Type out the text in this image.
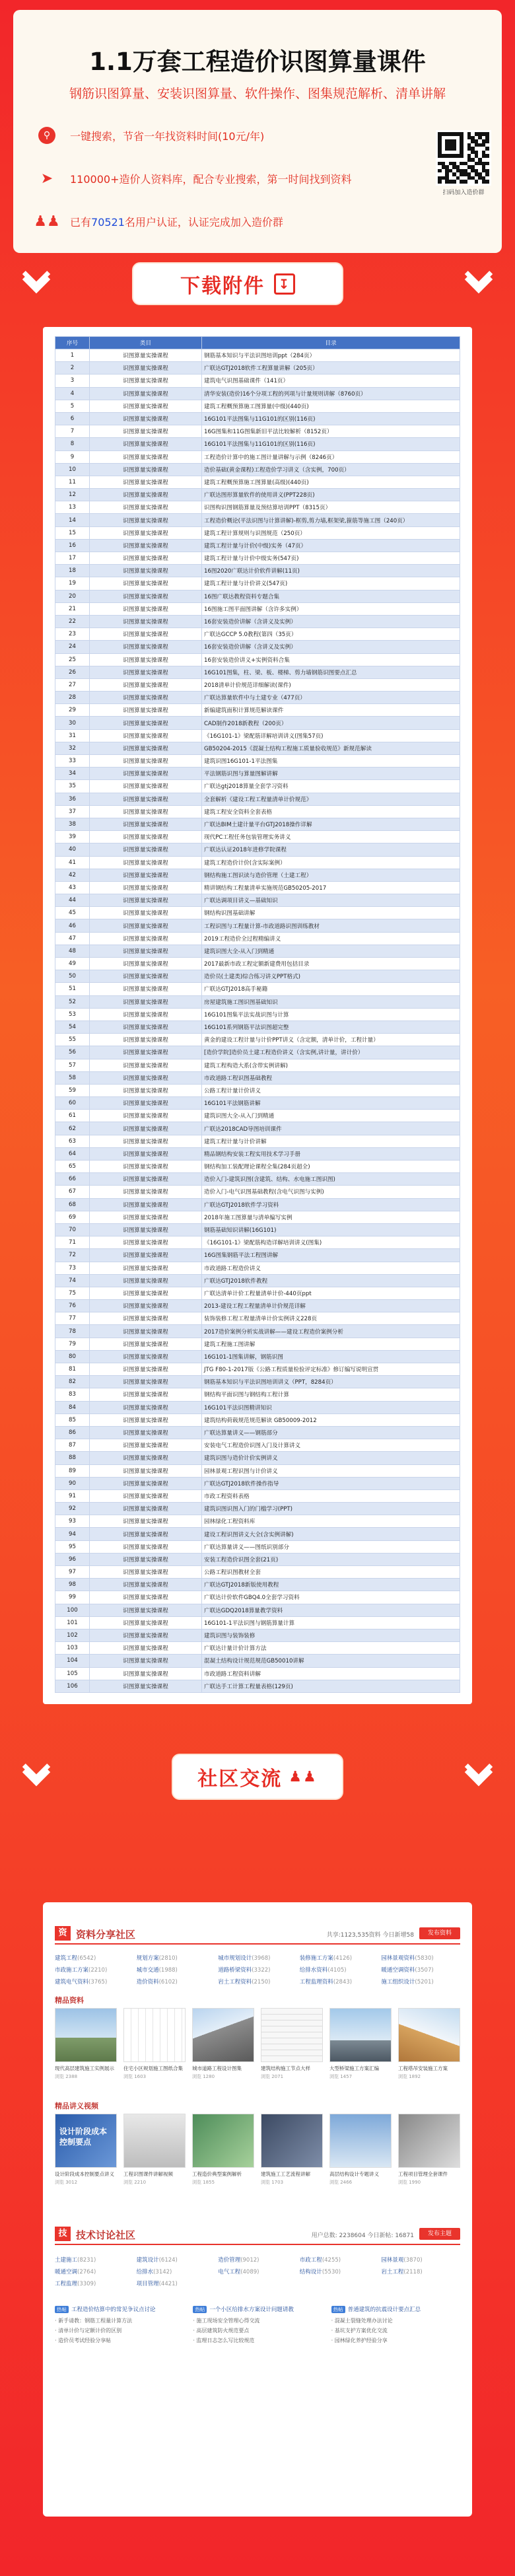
1.1万套工程造价识图算量课件
钢筋识图算量、安装识图算量、软件操作、图集规范解析、清单讲解
⚲	一键搜索，节省一年找资料时间(10元/年)
➤ 110000+造价人资料库，配合专业搜索，第一时间找到资料
♟♟ 已有70521名用户认证，认证完成加入造价群
扫码加入造价群
下载附件	↧
序号	类目	目录
1	识图算量实操课程	钢筋基本知识与平法识图培训ppt（284页）
2	识图算量实操课程	广联达GTJ2018软件工程算量讲解（205页）
3	识图算量实操课程	建筑电气识图基础课件（141页）
4	识图算量实操课程	清华安装(造价)16个分项工程的列项与计量规则讲解（8760页）
5	识图算量实操课程	建筑工程概预算施工图算量(中级)(440页)
6	识图算量实操课程	16G101平法图集与11G101的区别(116页)
7	识图算量实操课程	16G图集和11G图集新旧平法比较解析（8152页）
8	识图算量实操课程	16G101平法图集与11G101的区别(116页)
9	识图算量实操课程	工程造价计算中的施工图计量讲解与示例（8246页）
10	识图算量实操课程	造价基础(黄金课程)工程造价学习讲义（含实例，700页）
11	识图算量实操课程	建筑工程概预算施工图算量(高级)(440页)
12	识图算量实操课程	广联达图形算量软件的使用讲义(PPT228页)
13	识图算量实操课程	识图构识图钢筋算量及预结算培训PPT（8315页）
14	识图算量实操课程	工程造价概论(平法识图与计算讲解)-框剪,剪力墙,框架梁,箍筋等施工图（240页）
15	识图算量实操课程	建筑工程计算规则与识图规范（250页）
16	识图算量实操课程	建筑工程计量与计价(中级)实务（47页）
17	识图算量实操课程	建筑工程计量与计价中级实务(547页)
18	识图算量实操课程	16图2020广联达计价软件讲解(11页)
19	识图算量实操课程	建筑工程计量与计价讲义(547页)
20	识图算量实操课程	16图广联达教程资料专题合集
21	识图算量实操课程	16图施工图平面图讲解（含许多实例）
22	识图算量实操课程	16套安装造价讲解（含讲义及实例）
23	识图算量实操课程	广联达GCCP 5.0教程(第四（35页）
24	识图算量实操课程	16套安装造价讲解（含讲义及实例）
25	识图算量实操课程	16套安装造价讲义+实例资料合集
26	识图算量实操课程	16G101图集，柱、梁、板、楼梯、剪力墙钢筋识图要点汇总
27	识图算量实操课程	2018清单计价规范详细解读(课件)
28	识图算量实操课程	广联达算量软件中与土建专业（477页）
29	识图算量实操课程	新编建筑面积计算规范解读课件
30	识图算量实操课程	CAD制作2018新教程（200页）
31	识图算量实操课程	《16G101-1》梁配筋详解培训讲义(图集57页)
32	识图算量实操课程	GB50204-2015《混凝土结构工程施工质量验收规范》新规范解读
33	识图算量实操课程	建筑识图16G101-1平法图集
34	识图算量实操课程	平法钢筋识图与算量图解讲解
35	识图算量实操课程	广联达gtj2018算量全套学习资料
36	识图算量实操课程	全套解析《建设工程工程量清单计价规范》
37	识图算量实操课程	建筑工程安全资料全套表格
38	识图算量实操课程	广联达BIM土建计量平台GTJ2018操作详解
39	识图算量实操课程	现代PC工程任务包装管理实务讲义
40	识图算量实操课程	广联达认证2018年进修学院课程
41	识图算量实操课程	建筑工程造价计价(含实际案例）
42	识图算量实操课程	钢结构施工图识读与造价管理（土建工程）
43	识图算量实操课程	精讲钢结构工程量清单实施规范GB50205-2017
44	识图算量实操课程	广联达调项目讲义—基础知识
45	识图算量实操课程	钢结构识图基础讲解
46	识图算量实操课程	工程识图与工程量计算-市政道路识图训练教材
47	识图算量实操课程	2019工程造价全过程精编讲义
48	识图算量实操课程	建筑识图大全-从入门到精通
49	识图算量实操课程	2017最新市政工程定额新建费用包括目录
50	识图算量实操课程	造价员(土建类)综合练习讲义PPT格式)
51	识图算量实操课程	广联达GTJ2018高手秘籍
52	识图算量实操课程	房屋建筑施工图识图基础知识
53	识图算量实操课程	16G101图集平法实战识图与计算
54	识图算量实操课程	16G101系列钢筋平法识图超完整
55	识图算量实操课程	黄金的建设工程计量与计价PPT讲义（含定额，清单计价，工程计量）
56	识图算量实操课程	[造价学院]造价员土建工程造价讲义（含实例,讲计量，讲计价）
57	识图算量实操课程	建筑工程构造大系(含带实例讲解)
58	识图算量实操课程	市政道路工程识图基础教程
59	识图算量实操课程	公路工程计量计价讲义
60	识图算量实操课程	16G101平法钢筋讲解
61	识图算量实操课程	建筑识图大全-从入门到精通
62	识图算量实操课程	广联达2018CAD导图培训课件
63	识图算量实操课程	建筑工程计量与计价讲解
64	识图算量实操课程	精品钢结构安装工程实用技术学习手册
65	识图算量实操课程	钢结构加工装配理论课程全集(284页超全)
66	识图算量实操课程	造价入门-建筑识图(含建筑、结构、水电施工图识图)
67	识图算量实操课程	造价入门-电气识图基础教程(含电气识图与实例)
68	识图算量实操课程	广联达GTJ2018软件学习资料
69	识图算量实操课程	2018年施工图算量与清单编写实例
70	识图算量实操课程	钢筋基础知识讲解(16G101)
71	识图算量实操课程	《16G101-1》梁配筋构造详解培训讲义(图集)
72	识图算量实操课程	16G图集钢筋平法工程图讲解
73	识图算量实操课程	市政道路工程造价讲义
74	识图算量实操课程	广联达GTJ2018软件教程
75	识图算量实操课程	广联达清单计价工程量清单计价-440页ppt
76	识图算量实操课程	2013-建设工程工程量清单计价规范详解
77	识图算量实操课程	装饰装修工程工程量清单计价实例讲义228页
78	识图算量实操课程	2017造价案例分析实战讲解——建设工程造价案例分析
79	识图算量实操课程	建筑工程施工图讲解
80	识图算量实操课程	16G101-1图集讲解，钢筋识图
81	识图算量实操课程	JTG F80-1-2017版《公路工程质量检验评定标准》修订编写说明宣贯
82	识图算量实操课程	钢筋基本知识与平法识图培训讲义（PPT，8284页）
83	识图算量实操课程	钢结构平面识图与钢结构工程计算
84	识图算量实操课程	16G101平法识图精讲知识
85	识图算量实操课程	建筑结构荷载规范规范解读 GB50009-2012
86	识图算量实操课程	广联达算量讲义——钢筋部分
87	识图算量实操课程	安装电气工程造价识图入门及计算讲义
88	识图算量实操课程	建筑识图与造价计价实例讲义
89	识图算量实操课程	园林景观工程识图与计价讲义
90	识图算量实操课程	广联达GTJ2018软件操作指导
91	识图算量实操课程	市政工程资料表格
92	识图算量实操课程	建筑识图识图入门的门槛学习(PPT)
93	识图算量实操课程	园林绿化工程资料库
94	识图算量实操课程	建设工程识图讲义大全(含实例讲解)
95	识图算量实操课程	广联达算量讲义——图纸识别部分
96	识图算量实操课程	安装工程造价识图全套(21页)
97	识图算量实操课程	公路工程识图教材全套
98	识图算量实操课程	广联达GTJ2018新版使用教程
99	识图算量实操课程	广联达计价软件GBQ4.0全套学习资料
100	识图算量实操课程	广联达GDQ2018算量教学资料
101	识图算量实操课程	16G101-1平法识图与钢筋算量计算
102	识图算量实操课程	建筑识图与装饰装修
103	识图算量实操课程	广联达计量计价计算方法
104	识图算量实操课程	混凝土结构设计规范规范GB50010讲解
105	识图算量实操课程	市政道路工程资料讲解
106	识图算量实操课程	广联达手工计算工程量表格(129页)
社区交流 ♟♟
资 资料分享社区	共享:1123,535资料 今日新增58	发布资料
建筑工程(6542)	规划方案(2810)	城市规划设计(3968)	装修施工方案(4126)	园林景观资料(5830)
市政施工方案(2210)	城市交通(1988)	道路桥梁资料(3322)	给排水资料(4105)	暖通空调资料(3507)
建筑电气资料(3765)	造价资料(6102)	岩土工程资料(2150)	工程监理资料(2843)	施工组织设计(5201)
精品资料
现代高层建筑施工实例展示
浏览 2388
住宅小区规划施工图纸合集
浏览 1603
城市道路工程设计图集
浏览 1280
建筑结构施工节点大样
浏览 2071
大型桥梁施工方案汇编
浏览 1457
工程塔吊安装施工方案
浏览 1892
精品讲义视频
设计阶段成本控制要点
设计阶段成本控制要点讲义
浏览 3012
工程识图课件讲解视频
浏览 2210
工程造价典型案例解析
浏览 1855
建筑施工工艺流程讲解
浏览 1703
高层结构设计专题讲义
浏览 2466
工程项目管理全套课件
浏览 1990
技 技术讨论社区	用户总数: 2238604 今日新帖: 16871	发布主题
土建施工(8231)	建筑设计(6124)	造价管理(9012)	市政工程(4255)	园林景观(3870)
暖通空调(2764)	给排水(3142)	电气工程(4089)	结构设计(5530)	岩土工程(2118)
工程监理(3309)	项目管理(4421)
热帖 工程造价结算中的常见争议点讨论
· 新手请教：钢筋工程量计算方法
· 清单计价与定额计价的区别
· 造价员考试经验分享帖
热帖 一个小区给排水方案设计问题请教
· 施工现场安全管理心得交流
· 高层建筑防火规范要点
· 监理日志怎么写比较规范
热帖 普通建筑的抗震设计要点汇总
· 混凝土裂缝处理办法讨论
· 基坑支护方案优化交流
· 园林绿化养护经验分享
